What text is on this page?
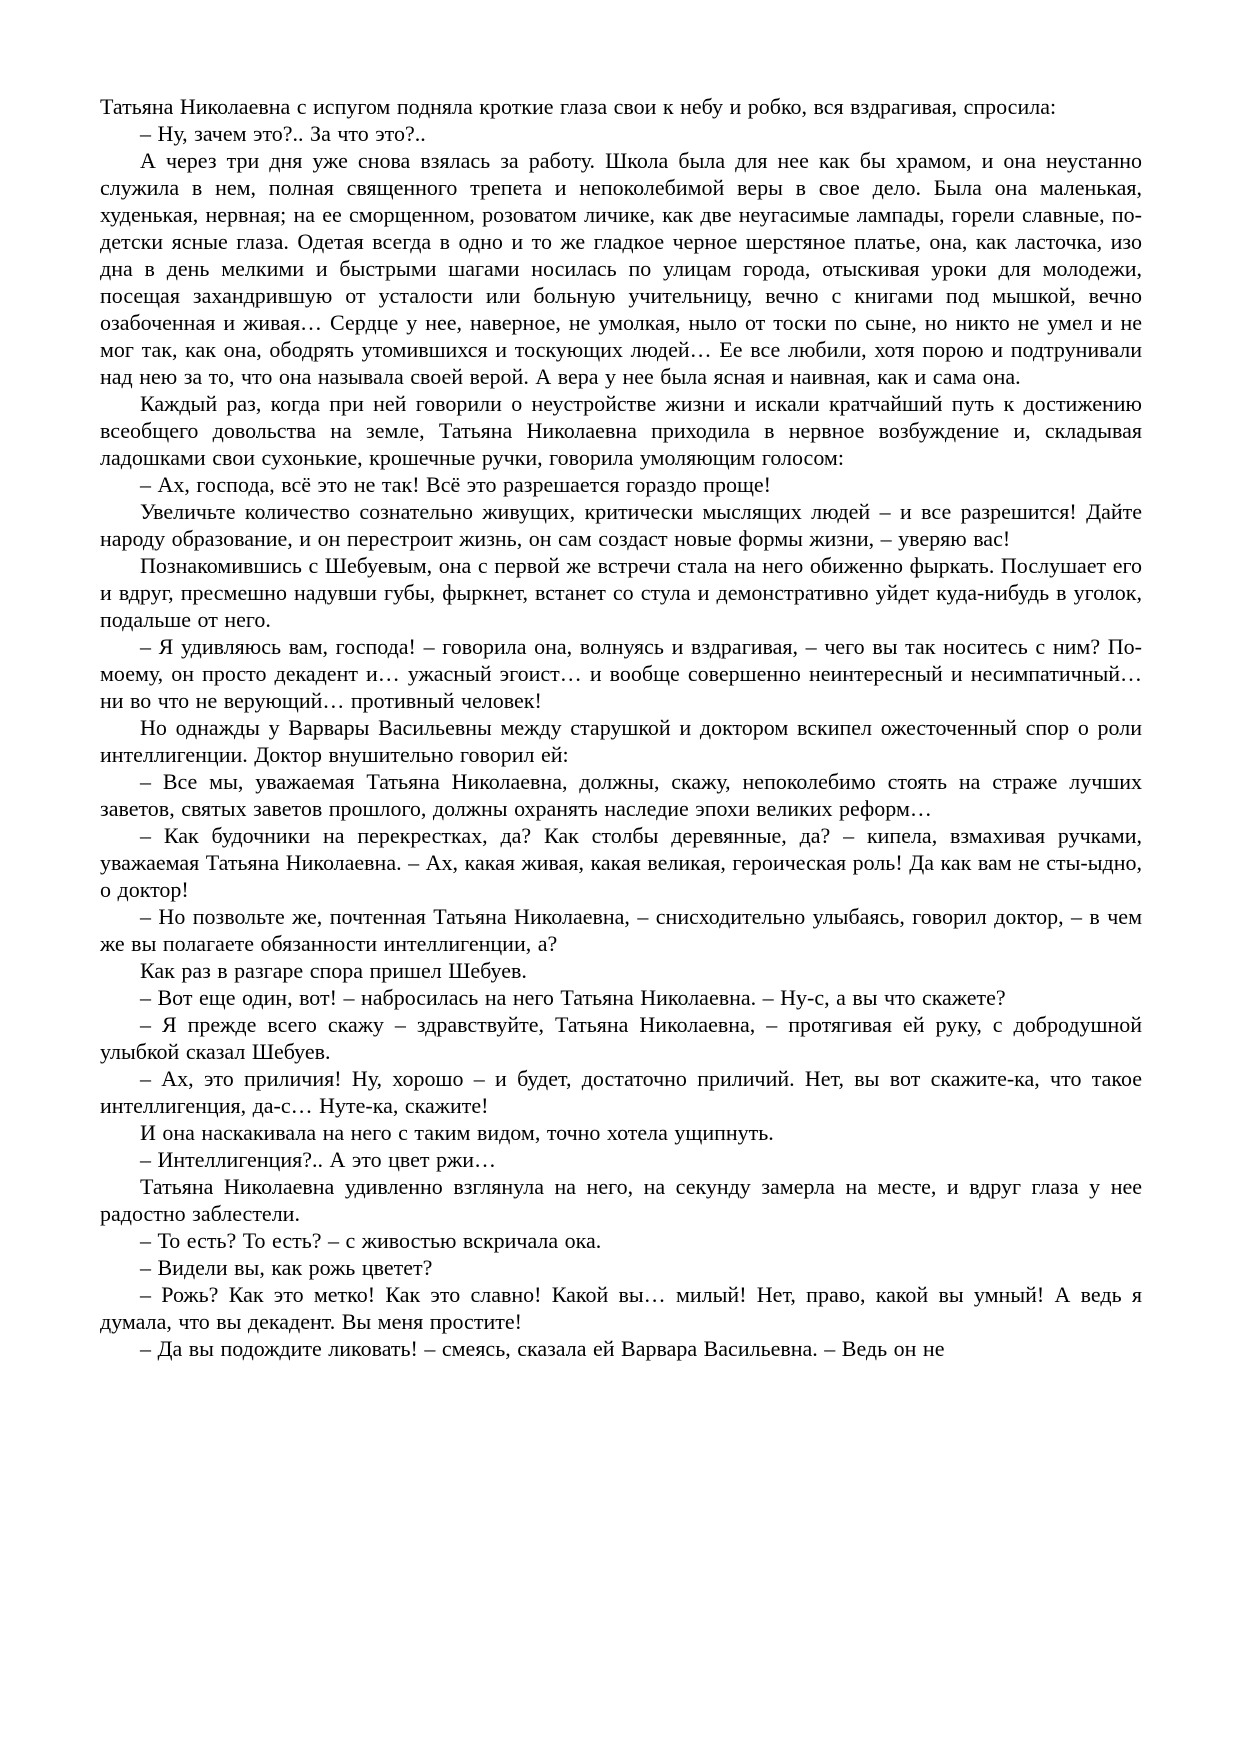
Татьяна Николаевна с испугом подняла кроткие глаза свои к небу и робко, вся вздрагивая, спросила:

– Ну, зачем это?.. За что это?..

А через три дня уже снова взялась за работу. Школа была для нее как бы храмом, и она неустанно служила в нем, полная священного трепета и непоколебимой веры в свое дело. Была она маленькая, худенькая, нервная; на ее сморщенном, розоватом личике, как две неугасимые лампады, горели славные, по-детски ясные глаза. Одетая всегда в одно и то же гладкое черное шерстяное платье, она, как ласточка, изо дна в день мелкими и быстрыми шагами носилась по улицам города, отыскивая уроки для молодежи, посещая захандрившую от усталости или больную учительницу, вечно с книгами под мышкой, вечно озабоченная и живая… Сердце у нее, наверное, не умолкая, ныло от тоски по сыне, но никто не умел и не мог так, как она, ободрять утомившихся и тоскующих людей… Ее все любили, хотя порою и подтрунивали над нею за то, что она называла своей верой. А вера у нее была ясная и наивная, как и сама она.

Каждый раз, когда при ней говорили о неустройстве жизни и искали кратчайший путь к достижению всеобщего довольства на земле, Татьяна Николаевна приходила в нервное возбуждение и, складывая ладошками свои сухонькие, крошечные ручки, говорила умоляющим голосом:

– Ах, господа, всё это не так! Всё это разрешается гораздо проще!

Увеличьте количество сознательно живущих, критически мыслящих людей – и все разрешится! Дайте народу образование, и он перестроит жизнь, он сам создаст новые формы жизни, – уверяю вас!

Познакомившись с Шебуевым, она с первой же встречи стала на него обиженно фыркать. Послушает его и вдруг, пресмешно надувши губы, фыркнет, встанет со стула и демонстративно уйдет куда-нибудь в уголок, подальше от него.

– Я удивляюсь вам, господа! – говорила она, волнуясь и вздрагивая, – чего вы так носитесь с ним? По-моему, он просто декадент и… ужасный эгоист… и вообще совершенно неинтересный и несимпатичный… ни во что не верующий… противный человек!

Но однажды у Варвары Васильевны между старушкой и доктором вскипел ожесточенный спор о роли интеллигенции. Доктор внушительно говорил ей:

– Все мы, уважаемая Татьяна Николаевна, должны, скажу, непоколебимо стоять на страже лучших заветов, святых заветов прошлого, должны охранять наследие эпохи великих реформ…

– Как будочники на перекрестках, да? Как столбы деревянные, да? – кипела, взмахивая ручками, уважаемая Татьяна Николаевна. – Ах, какая живая, какая великая, героическая роль! Да как вам не сты-ыдно, о доктор!

– Но позвольте же, почтенная Татьяна Николаевна, – снисходительно улыбаясь, говорил доктор, – в чем же вы полагаете обязанности интеллигенции, а?

Как раз в разгаре спора пришел Шебуев.

– Вот еще один, вот! – набросилась на него Татьяна Николаевна. – Ну-с, а вы что скажете?

– Я прежде всего скажу – здравствуйте, Татьяна Николаевна, – протягивая ей руку, с добродушной улыбкой сказал Шебуев.

– Ах, это приличия! Ну, хорошо – и будет, достаточно приличий. Нет, вы вот скажите-ка, что такое интеллигенция, да-с… Нуте-ка, скажите!

И она наскакивала на него с таким видом, точно хотела ущипнуть.

– Интеллигенция?.. А это цвет ржи…

Татьяна Николаевна удивленно взглянула на него, на секунду замерла на месте, и вдруг глаза у нее радостно заблестели.

– То есть? То есть? – с живостью вскричала ока.

– Видели вы, как рожь цветет?

– Рожь? Как это метко! Как это славно! Какой вы… милый! Нет, право, какой вы умный! А ведь я думала, что вы декадент. Вы меня простите!

– Да вы подождите ликовать! – смеясь, сказала ей Варвара Васильевна. – Ведь он не
